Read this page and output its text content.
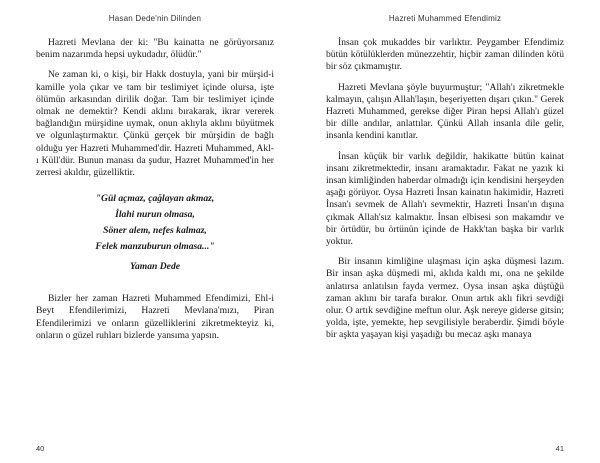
Hasan Dede'nin Dilinden

Hazreti Mevlana der ki: "Bu kainatta ne görüyorsanız benim nazarımda hepsi uykudadır, ölüdür."

Ne zaman ki, o kişi, bir Hakk dostuyla, yani bir mürşid-i kamille yola çıkar ve tam bir teslimiyet içinde olursa, işte ölümün arkasından dirilik doğar. Tam bir teslimiyet içinde olmak ne demektir? Kendi aklını bırakarak, ikrar vererek bağlandığın mürşidine uymak, onun aklıyla aklını büyütmek ve olgunlaştırmaktır. Çünkü gerçek bir mürşidin de bağlı olduğu yer Hazreti Muhammed'dir. Hazreti Muhammed, Akl-ı Küll'dür. Bunun manası da şudur, Hazret Muhammed'in her zerresi akıldır, güzelliktir.

"Gül açmaz, çağlayan akmaz,
İlahi nurun olmasa,
Söner alem, nefes kalmaz,
Felek manzuburun olmasa..."
Yaman Dede

Bizler her zaman Hazreti Muhammed Efendimizi, Ehl-i Beyt Efendilerimizi, Hazreti Mevlana'mızı, Piran Efendilerimizi ve onların güzelliklerini zikretmekteyiz ki, onların o güzel ruhları bizlerde yansıma yapsın.

40
Hazreti Muhammed Efendimiz

İnsan çok mukaddes bir varlıktır. Peygamber Efendimiz bütün kötülüklerden münezzehtir, hiçbir zaman dilinden kötü bir söz çıkmamıştır.

Hazreti Mevlana şöyle buyurmuştur; "Allah'ı zikretmekle kalmayın, çalışın Allah'laşın, beşeriyetten dışarı çıkın." Gerek Hazreti Muhammed, gerekse diğer Piran hepsi Allah'ı güzel bir dille andılar, anlattılar. Çünkü Allah insanla dile gelir, insanla kendini kanıtlar.

İnsan küçük bir varlık değildir, hakikatte bütün kainat insanı zikretmektedir, insanı aramaktadır. Fakat ne yazık ki insan kimliğinden haberdar olmadığı için kendisini herşeyden aşağı görüyor. Oysa Hazreti İnsan kainatın hakimidir, Hazreti İnsan'ı sevmek de Allah'ı sevmektir, Hazreti İnsan'ın dışına çıkmak Allah'sız kalmaktır. İnsan elbisesi son makamdır ve bir örtüdür, bu örtünün içinde de Hakk'tan başka bir varlık yoktur.

Bir insanın kimliğine ulaşması için aşka düşmesi lazım. Bir insan aşka düşmedi mi, aklıda kaldı mı, ona ne şekilde anlatırsa anlatılsın fayda vermez. Oysa insan aşka düştüğü zaman aklını bir tarafa bırakır. Onun artık aklı fikri sevdiği olur. O artık sevdiğine meftun olur. Aşk nereye giderse gitsin; yolda, işte, yemekte, hep sevgilisiyle beraberdir. Şimdi böyle bir aşkta yaşayan kişi yaşadığı bu mecaz aşkı manaya

41
